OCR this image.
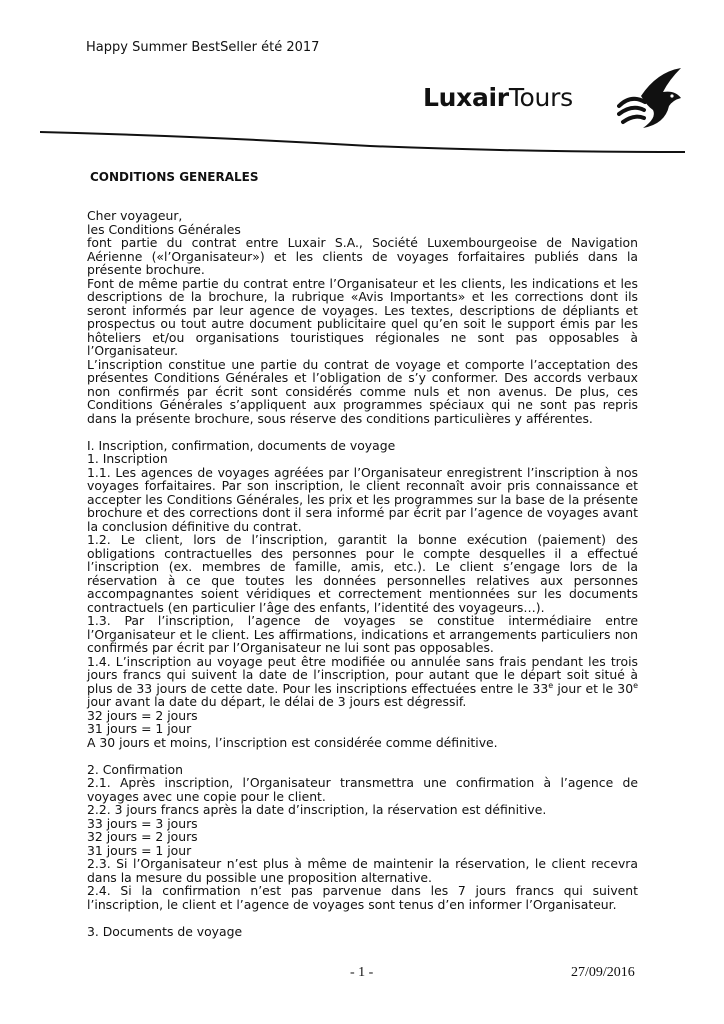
Happy Summer BestSeller été 2017
LuxairTours
CONDITIONS GENERALES

Cher voyageur,

les Conditions Générales

font partie du contrat entre Luxair S.A., Société Luxembourgeoise de Navigation Aérienne («l’Organisateur») et les clients de voyages forfaitaires publiés dans la présente brochure.

Font de même partie du contrat entre l’Organisateur et les clients, les indications et les descriptions de la brochure, la rubrique «Avis Importants» et les corrections dont ils seront informés par leur agence de voyages. Les textes, descriptions de dépliants et prospectus ou tout autre document publicitaire quel qu’en soit le support émis par les hôteliers et/ou organisations touristiques régionales ne sont pas opposables à l’Organisateur.

L’inscription constitue une partie du contrat de voyage et comporte l’acceptation des présentes Conditions Générales et l’obligation de s’y conformer. Des accords verbaux non confirmés par écrit sont considérés comme nuls et non avenus. De plus, ces Conditions Générales s’appliquent aux programmes spéciaux qui ne sont pas repris dans la présente brochure, sous réserve des conditions particulières y afférentes.

I. Inscription, confirmation, documents de voyage

1. Inscription

1.1. Les agences de voyages agréées par l’Organisateur enregistrent l’inscription à nos voyages forfaitaires. Par son inscription, le client reconnaît avoir pris connaissance et accepter les Conditions Générales, les prix et les programmes sur la base de la présente brochure et des corrections dont il sera informé par écrit par l’agence de voyages avant la conclusion définitive du contrat.

1.2. Le client, lors de l’inscription, garantit la bonne exécution (paiement) des obligations contractuelles des personnes pour le compte desquelles il a effectué l’inscription (ex. membres de famille, amis, etc.). Le client s’engage lors de la réservation à ce que toutes les données personnelles relatives aux personnes accompagnantes soient véridiques et correctement mentionnées sur les documents contractuels (en particulier l’âge des enfants, l’identité des voyageurs…).

1.3. Par l’inscription, l’agence de voyages se constitue intermédiaire entre l’Organisateur et le client. Les affirmations, indications et arrangements particuliers non confirmés par écrit par l’Organisateur ne lui sont pas opposables.

1.4. L’inscription au voyage peut être modifiée ou annulée sans frais pendant les trois jours francs qui suivent la date de l’inscription, pour autant que le départ soit situé à plus de 33 jours de cette date. Pour les inscriptions effectuées entre le 33e jour et le 30e jour avant la date du départ, le délai de 3 jours est dégressif.

32 jours = 2 jours

31 jours = 1 jour

A 30 jours et moins, l’inscription est considérée comme définitive.

2. Confirmation

2.1. Après inscription, l’Organisateur transmettra une confirmation à l’agence de voyages avec une copie pour le client.

2.2. 3 jours francs après la date d’inscription, la réservation est définitive.

33 jours = 3 jours

32 jours = 2 jours

31 jours = 1 jour

2.3. Si l’Organisateur n’est plus à même de maintenir la réservation, le client recevra dans la mesure du possible une proposition alternative.

2.4. Si la confirmation n’est pas parvenue dans les 7 jours francs qui suivent l’inscription, le client et l’agence de voyages sont tenus d’en informer l’Organisateur.

3. Documents de voyage

- 1 -	27/09/2016
